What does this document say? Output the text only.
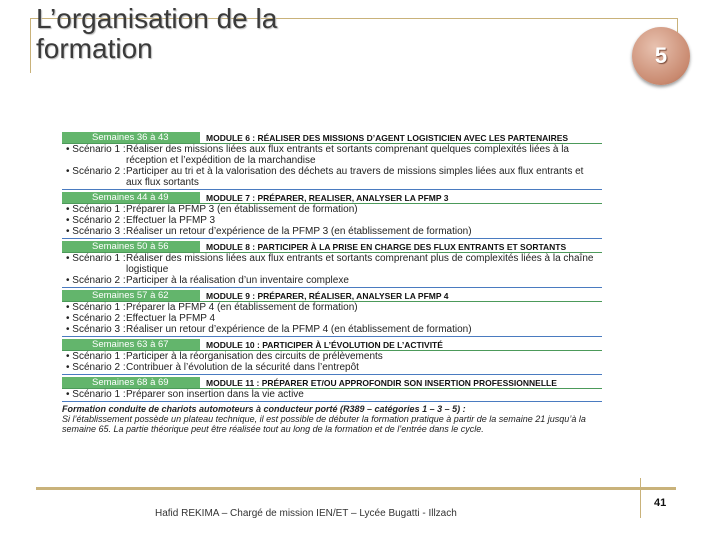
L’organisation de la
formation	5
Semaines 36 à 43	MODULE 6 : RÉALISER DES MISSIONS D’AGENT LOGISTICIEN AVEC LES PARTENAIRES
• Scénario 1 : Réaliser des missions liées aux flux entrants et sortants comprenant quelques complexités liées à la réception et l’expédition de la marchandise
• Scénario 2 : Participer au tri et à la valorisation des déchets au travers de missions simples liées aux flux entrants et aux flux sortants
Semaines 44 à 49	MODULE 7 : PRÉPARER, REALISER, ANALYSER LA PFMP 3
• Scénario 1 : Préparer la PFMP 3 (en établissement de formation)
• Scénario 2 : Effectuer la PFMP 3
• Scénario 3 : Réaliser un retour d’expérience de la PFMP 3 (en établissement de formation)
Semaines 50 à 56	MODULE 8 : PARTICIPER À LA PRISE EN CHARGE DES FLUX ENTRANTS ET SORTANTS
• Scénario 1 : Réaliser des missions liées aux flux entrants et sortants comprenant plus de complexités liées à la chaîne logistique
• Scénario 2 : Participer à la réalisation d’un inventaire complexe
Semaines 57 à 62	MODULE 9 : PRÉPARER, RÉALISER, ANALYSER LA PFMP 4
• Scénario 1 : Préparer la PFMP 4 (en établissement de formation)
• Scénario 2 : Effectuer la PFMP 4
• Scénario 3 : Réaliser un retour d’expérience de la PFMP 4 (en établissement de formation)
Semaines 63 à 67	MODULE 10 : PARTICIPER À L’ÉVOLUTION DE L’ACTIVITÉ
• Scénario 1 : Participer à la réorganisation des circuits de prélèvements
• Scénario 2 : Contribuer à l’évolution de la sécurité dans l’entrepôt
Semaines 68 à 69	MODULE 11 : PRÉPARER ET/OU APPROFONDIR SON INSERTION PROFESSIONNELLE
• Scénario 1 : Préparer son insertion dans la vie active
Formation conduite de chariots automoteurs à conducteur porté (R389 – catégories 1 – 3 – 5) :
Si l’établissement possède un plateau technique, il est possible de débuter la formation pratique à partir de la semaine 21 jusqu’à la semaine 65. La partie théorique peut être réalisée tout au long de la formation et de l’entrée dans le cycle.
Hafid REKIMA – Chargé de mission IEN/ET – Lycée Bugatti - Illzach
41
